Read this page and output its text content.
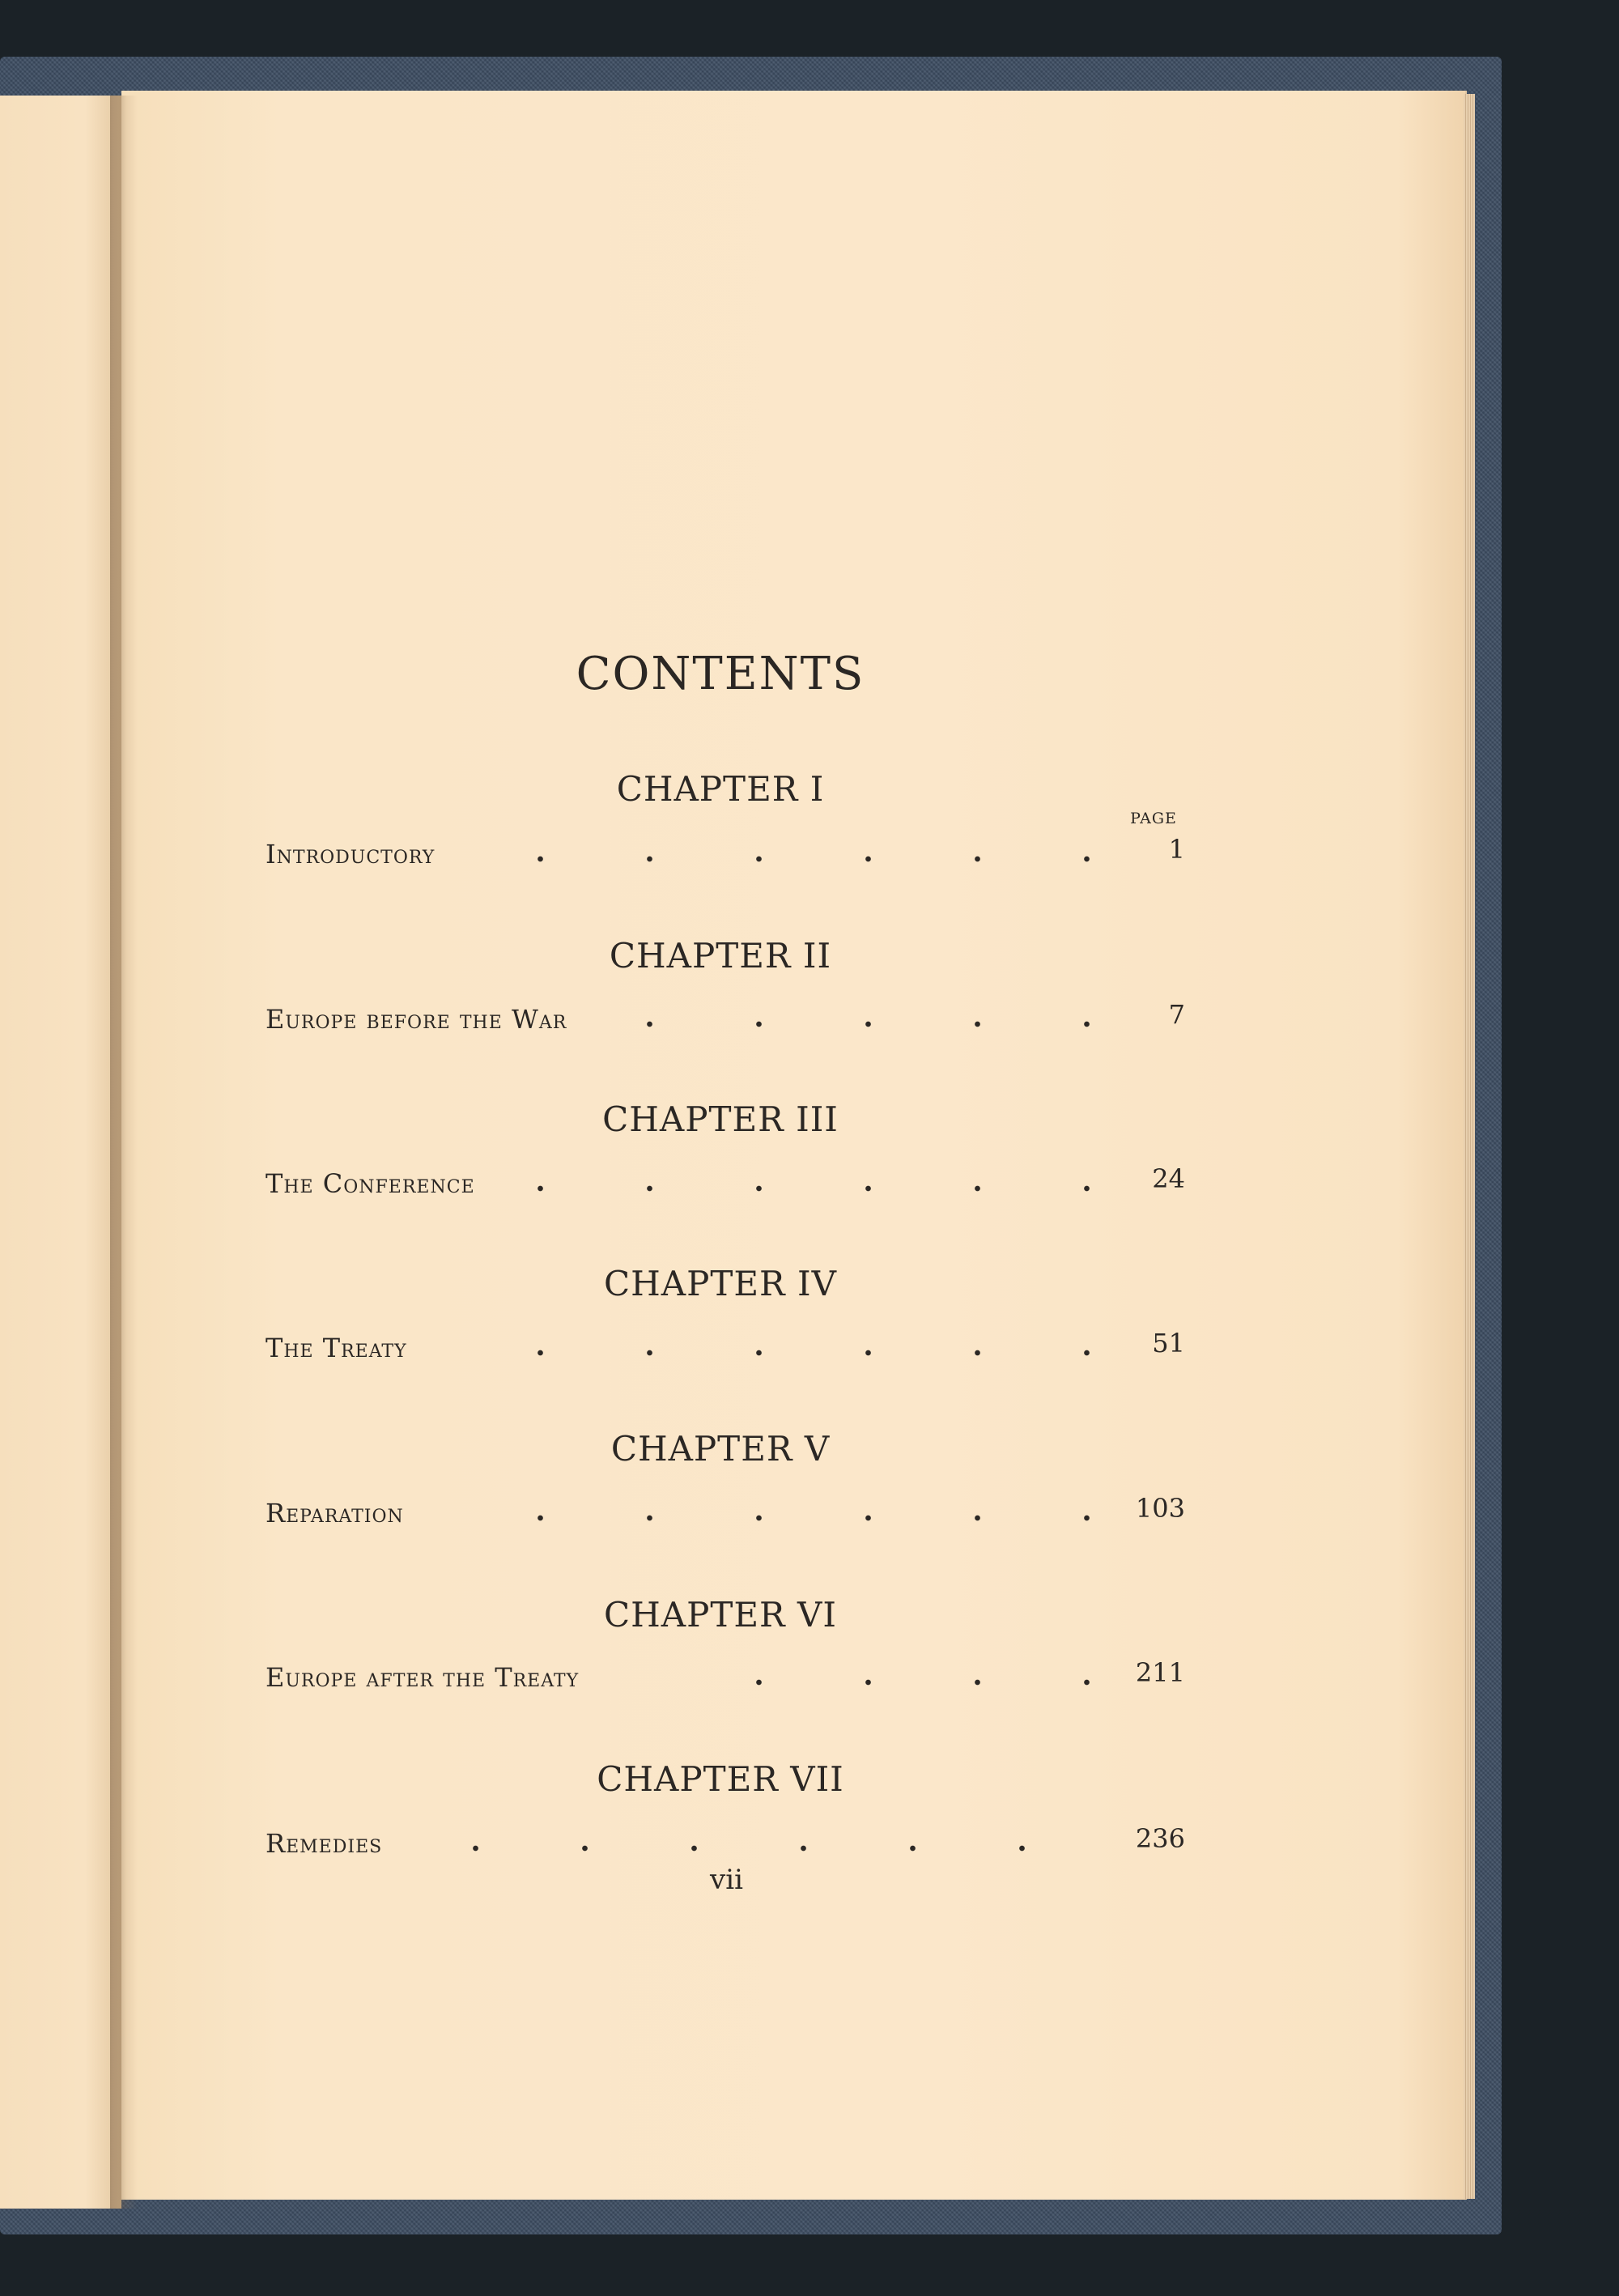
CONTENTS
PAGE
CHAPTER I
Introductory	1
CHAPTER II
Europe before the War	7
CHAPTER III
The Conference	24
CHAPTER IV
The Treaty	51
CHAPTER V
Reparation	103
CHAPTER VI
Europe after the Treaty	211
CHAPTER VII
Remedies	236
vii
